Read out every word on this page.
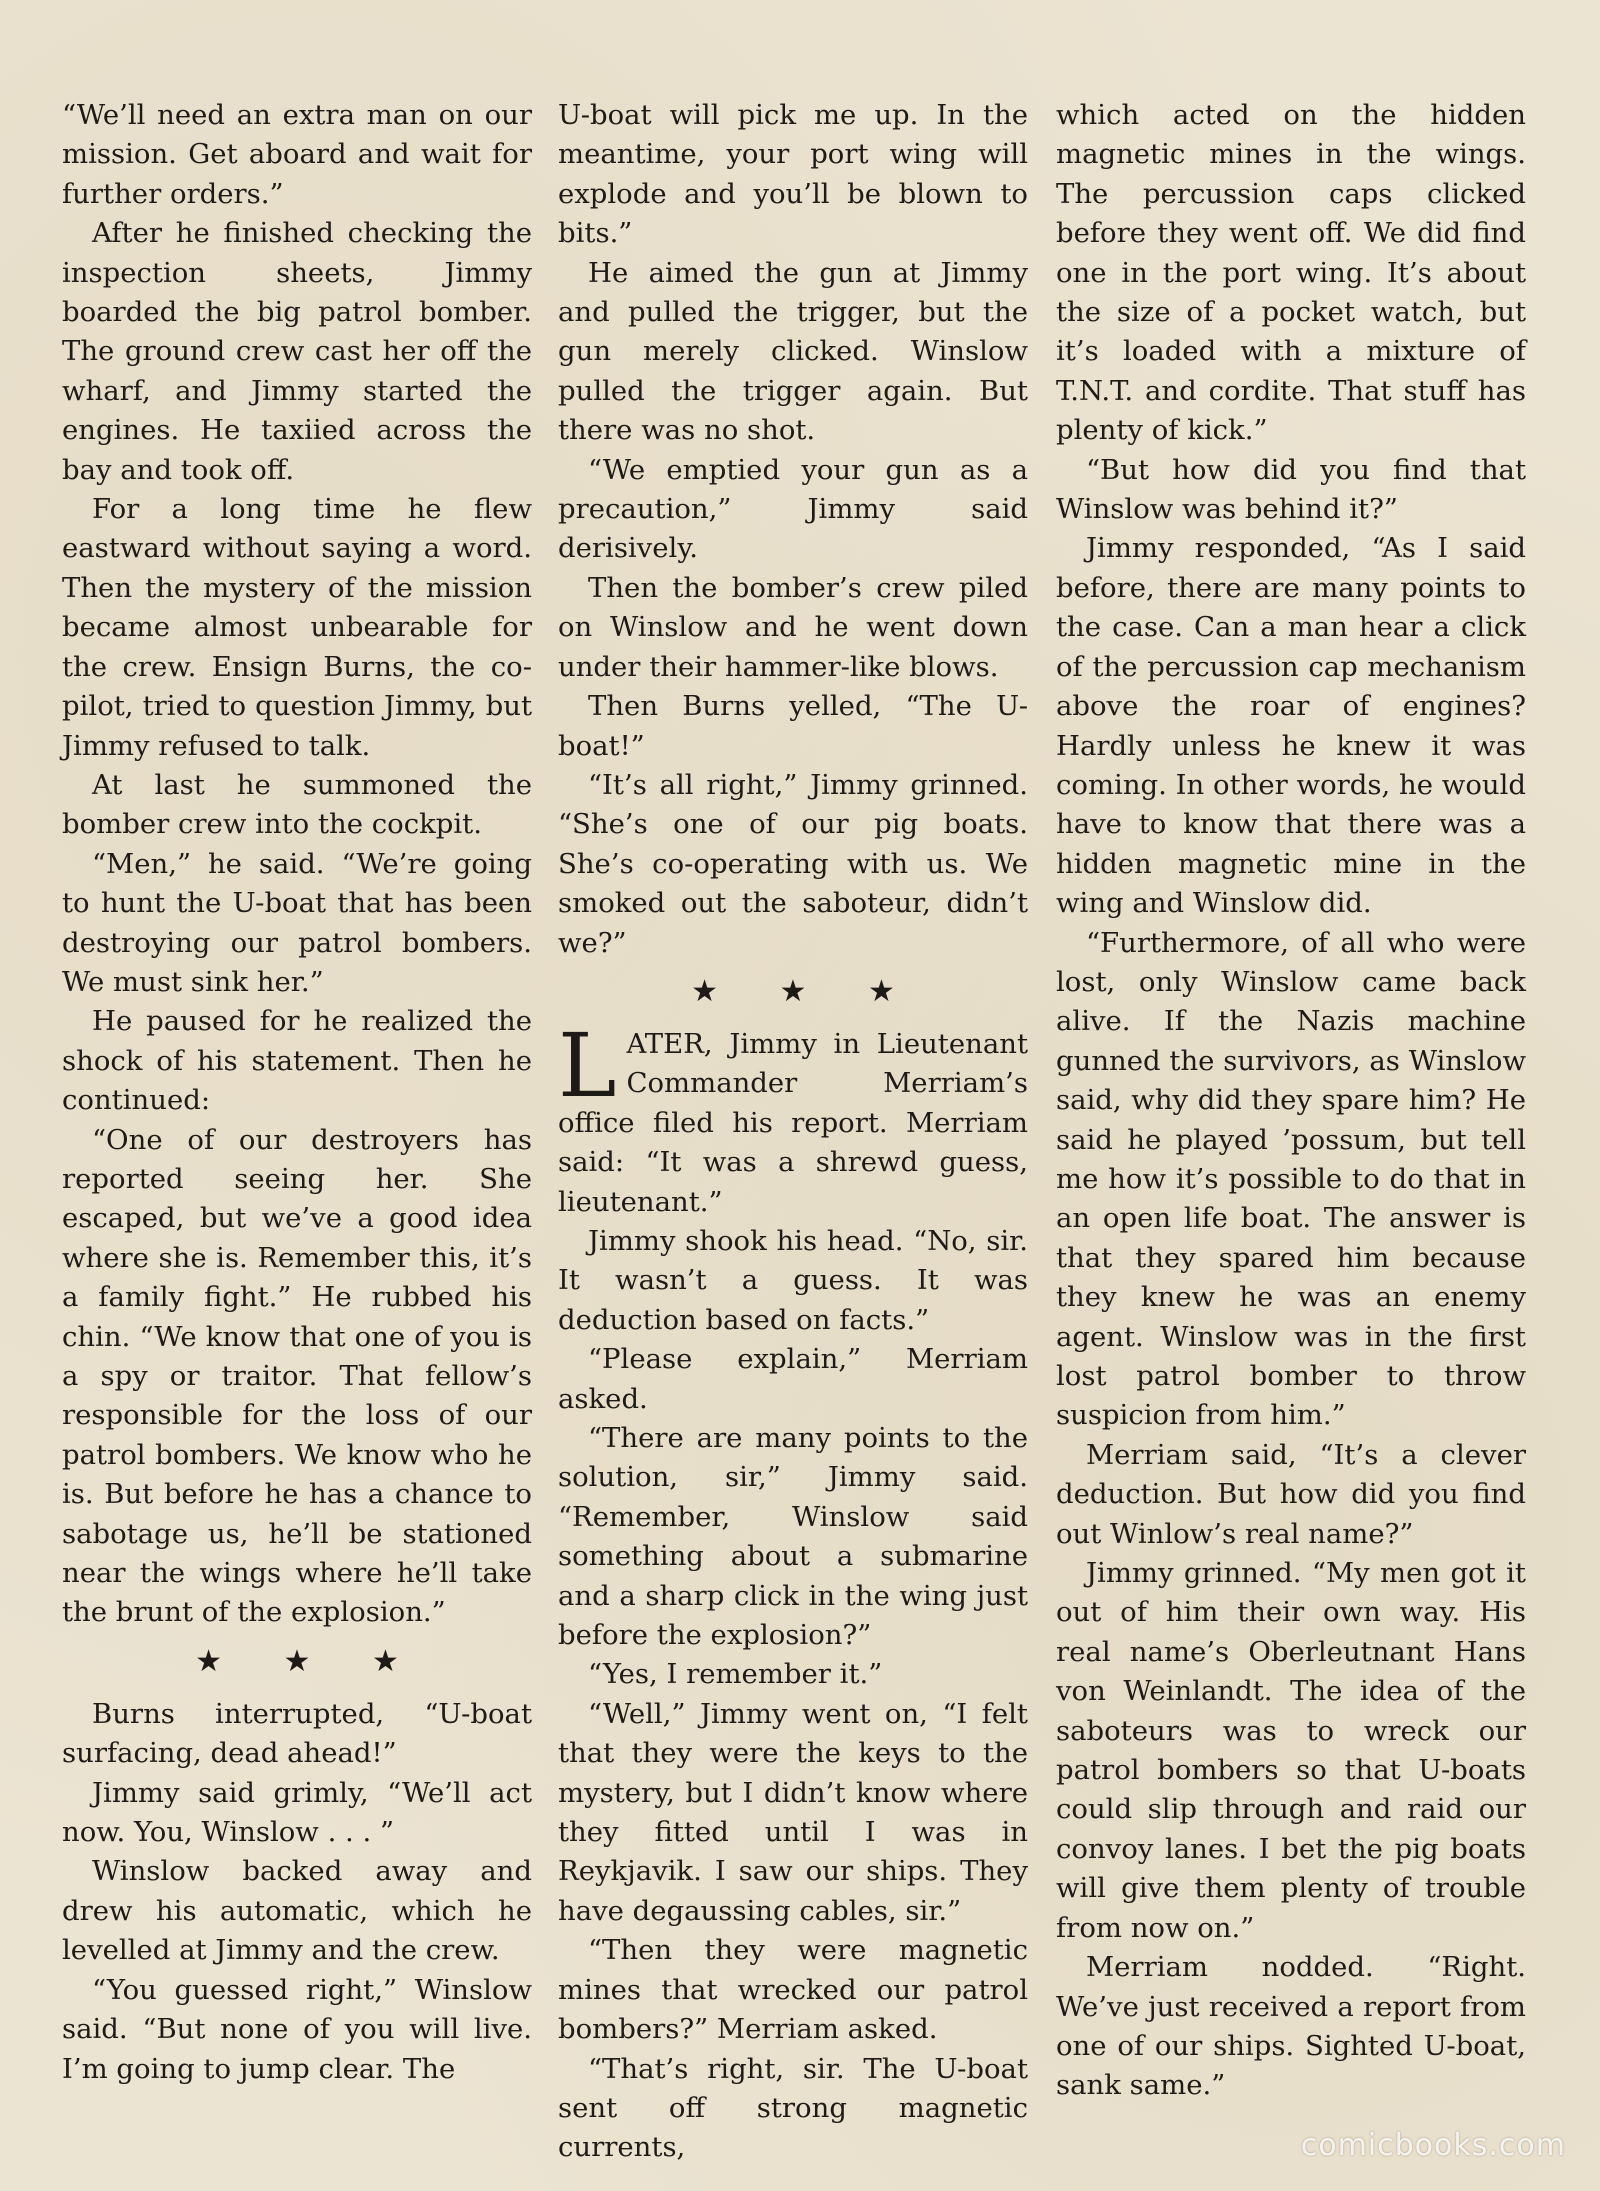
“We’ll need an extra man on our mission. Get aboard and wait for further orders.”

After he finished checking the inspection sheets, Jimmy boarded the big patrol bomber. The ground crew cast her off the wharf, and Jimmy started the engines. He taxiied across the bay and took off.

For a long time he flew eastward without saying a word. Then the mystery of the mission became almost unbearable for the crew. Ensign Burns, the co-pilot, tried to question Jimmy, but Jimmy refused to talk.

At last he summoned the bomber crew into the cockpit.

“Men,” he said. “We’re going to hunt the U-boat that has been destroying our patrol bombers. We must sink her.”

He paused for he realized the shock of his statement. Then he continued:

“One of our destroyers has reported seeing her. She escaped, but we’ve a good idea where she is. Remember this, it’s a family fight.” He rubbed his chin. “We know that one of you is a spy or traitor. That fellow’s responsible for the loss of our patrol bombers. We know who he is. But before he has a chance to sabotage us, he’ll be stationed near the wings where he’ll take the brunt of the explosion.”

★ ★ ★

Burns interrupted, “U-boat surfacing, dead ahead!”

Jimmy said grimly, “We’ll act now. You, Winslow . . . ”

Winslow backed away and drew his automatic, which he levelled at Jimmy and the crew.

“You guessed right,” Winslow said. “But none of you will live. I’m going to jump clear. The

U-boat will pick me up. In the meantime, your port wing will explode and you’ll be blown to bits.”

He aimed the gun at Jimmy and pulled the trigger, but the gun merely clicked. Winslow pulled the trigger again. But there was no shot.

“We emptied your gun as a precaution,” Jimmy said derisively.

Then the bomber’s crew piled on Winslow and he went down under their hammer-like blows.

Then Burns yelled, “The U-boat!”

“It’s all right,” Jimmy grinned. “She’s one of our pig boats. She’s co-operating with us. We smoked out the saboteur, didn’t we?”

★ ★ ★

LATER, Jimmy in Lieutenant Commander Merriam’s office filed his report. Merriam said: “It was a shrewd guess, lieutenant.”

Jimmy shook his head. “No, sir. It wasn’t a guess. It was deduction based on facts.”

“Please explain,” Merriam asked.

“There are many points to the solution, sir,” Jimmy said. “Remember, Winslow said something about a submarine and a sharp click in the wing just before the explosion?”

“Yes, I remember it.”

“Well,” Jimmy went on, “I felt that they were the keys to the mystery, but I didn’t know where they fitted until I was in Reykjavik. I saw our ships. They have degaussing cables, sir.”

“Then they were magnetic mines that wrecked our patrol bombers?” Merriam asked.

“That’s right, sir. The U-boat sent off strong magnetic currents,

which acted on the hidden magnetic mines in the wings. The percussion caps clicked before they went off. We did find one in the port wing. It’s about the size of a pocket watch, but it’s loaded with a mixture of T.N.T. and cordite. That stuff has plenty of kick.”

“But how did you find that Winslow was behind it?”

Jimmy responded, “As I said before, there are many points to the case. Can a man hear a click of the percussion cap mechanism above the roar of engines? Hardly unless he knew it was coming. In other words, he would have to know that there was a hidden magnetic mine in the wing and Winslow did.

“Furthermore, of all who were lost, only Winslow came back alive. If the Nazis machine gunned the survivors, as Winslow said, why did they spare him? He said he played ’possum, but tell me how it’s possible to do that in an open life boat. The answer is that they spared him because they knew he was an enemy agent. Winslow was in the first lost patrol bomber to throw suspicion from him.”

Merriam said, “It’s a clever deduction. But how did you find out Winlow’s real name?”

Jimmy grinned. “My men got it out of him their own way. His real name’s Oberleutnant Hans von Weinlandt. The idea of the saboteurs was to wreck our patrol bombers so that U-boats could slip through and raid our convoy lanes. I bet the pig boats will give them plenty of trouble from now on.”

Merriam nodded. “Right. We’ve just received a report from one of our ships. Sighted U-boat, sank same.”

comicbooks.com
